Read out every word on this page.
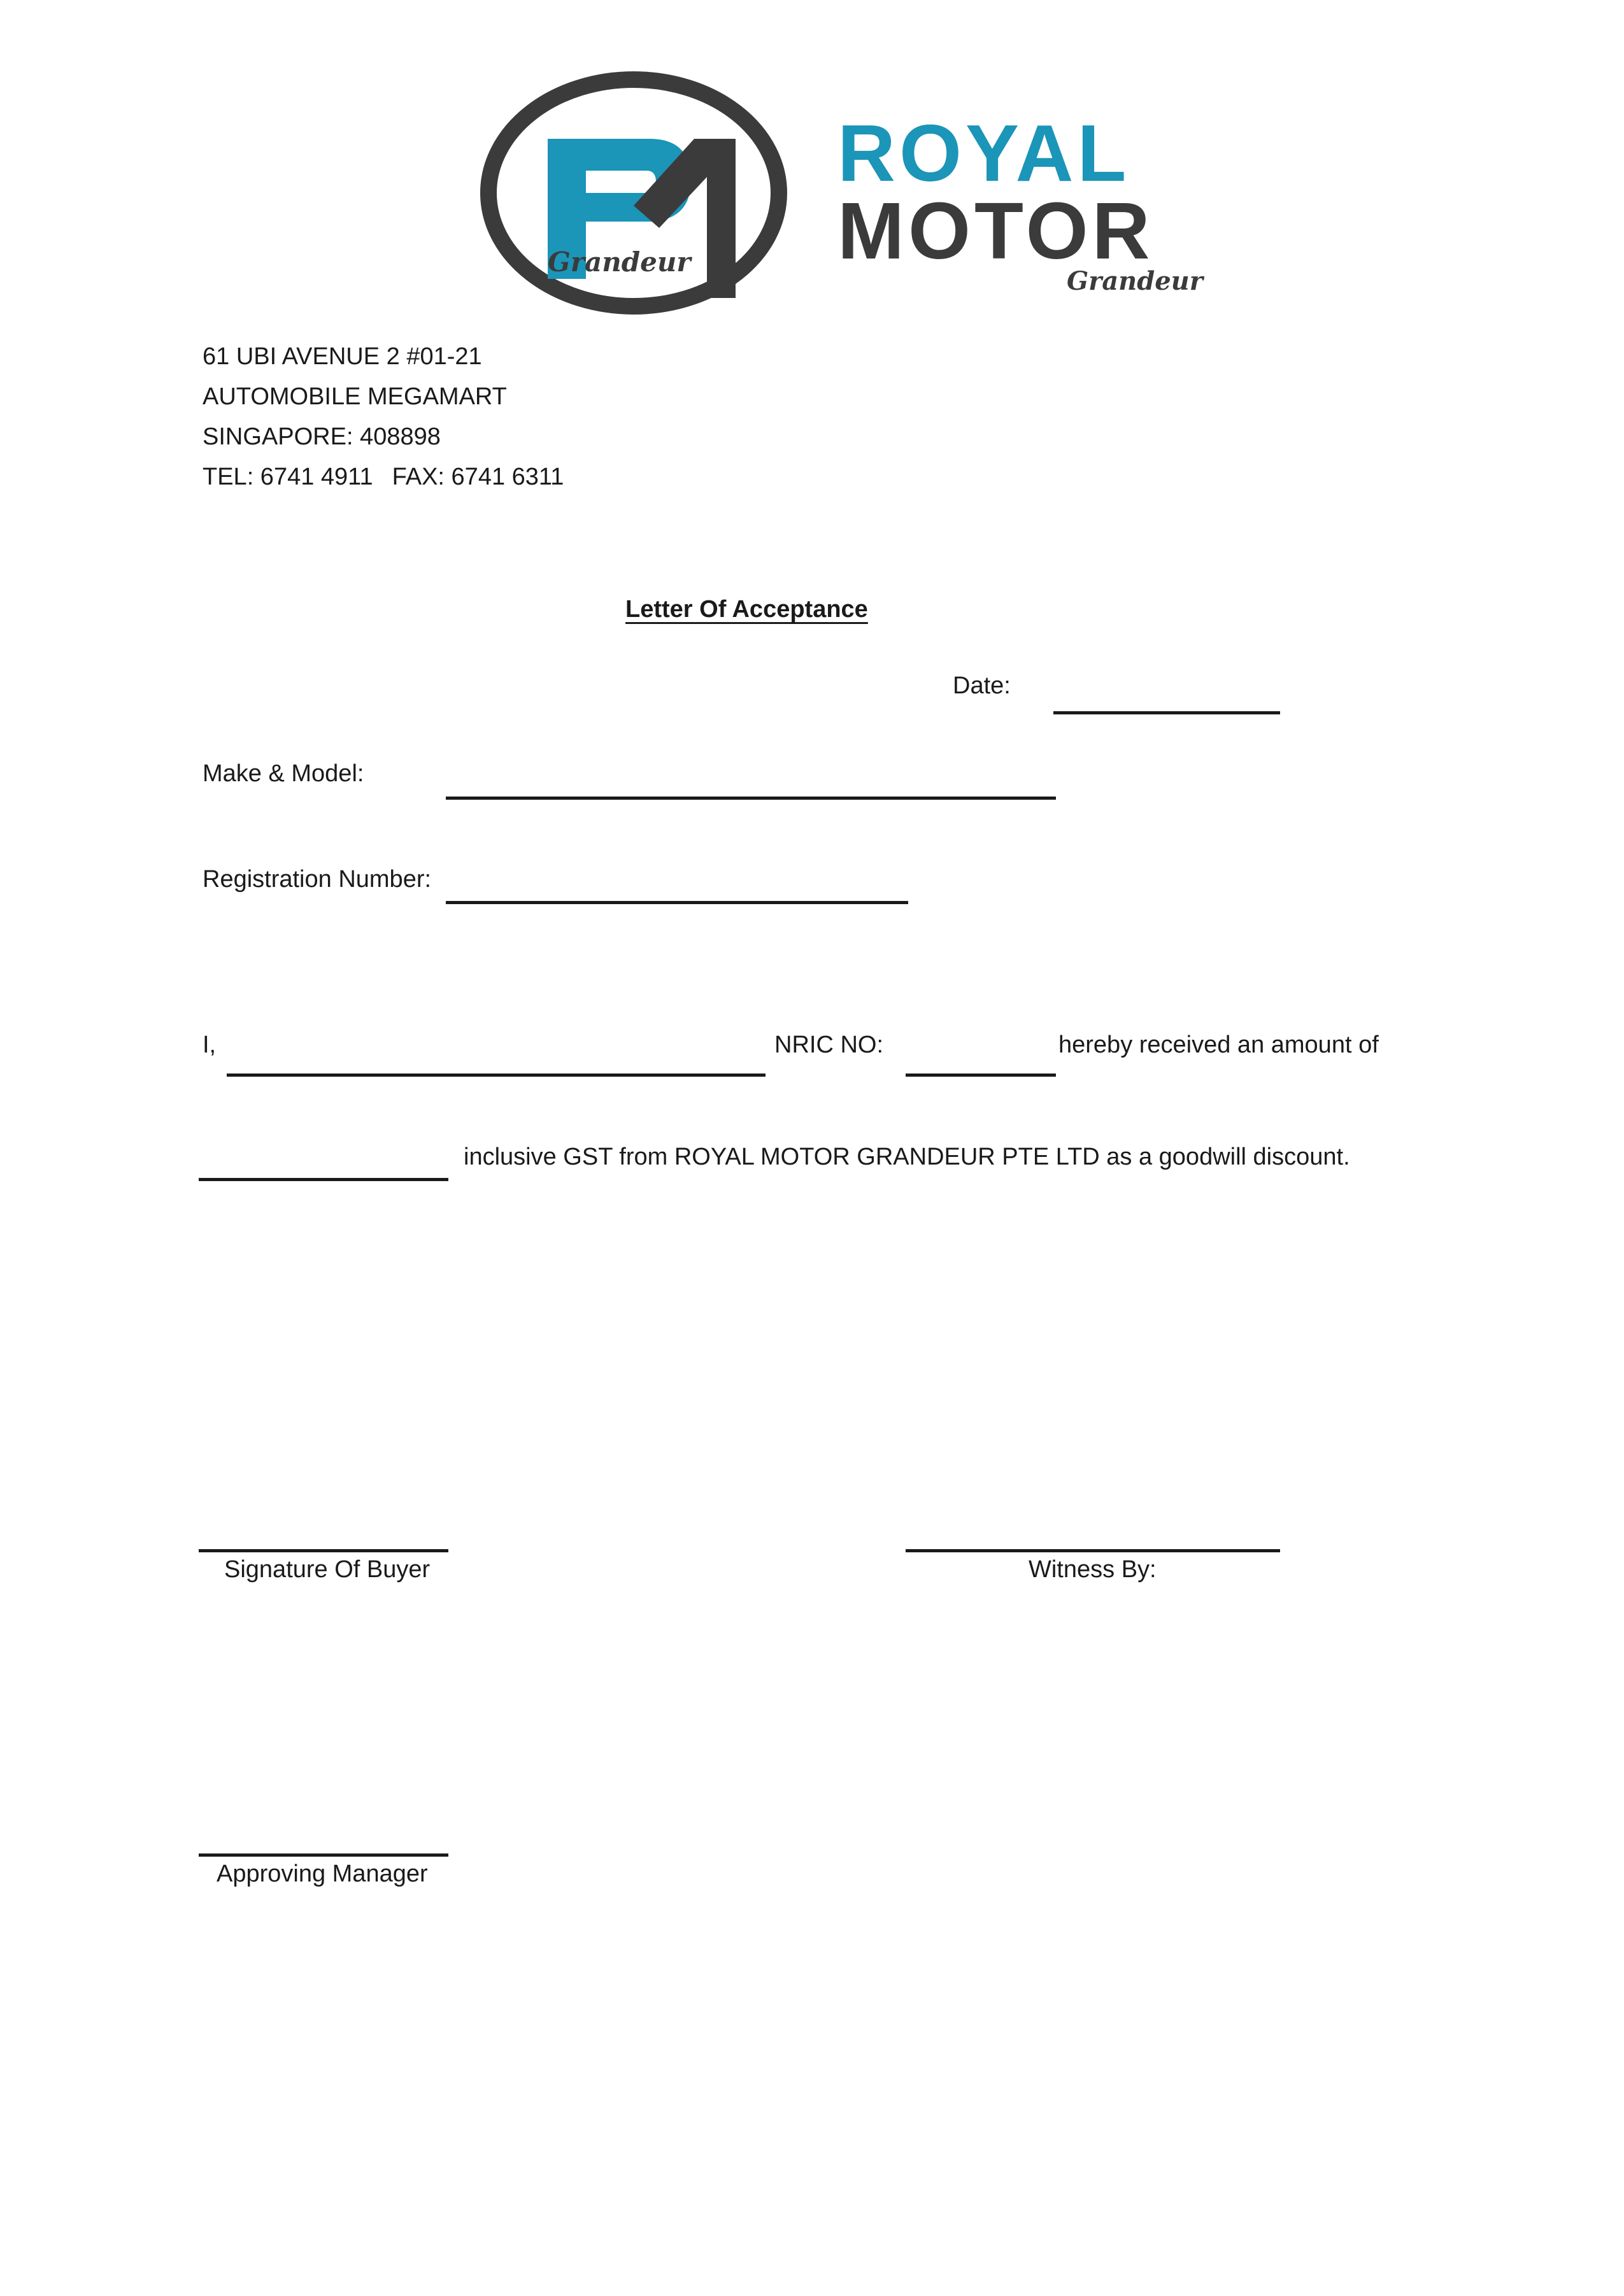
Grandeur
ROYAL
MOTOR
Grandeur
61 UBI AVENUE 2 #01-21
AUTOMOBILE MEGAMART
SINGAPORE: 408898
TEL: 6741 4911 FAX: 6741 6311
Letter Of Acceptance
Date:
Make & Model:
Registration Number:
I,	NRIC NO:	hereby received an amount of
inclusive GST from ROYAL MOTOR GRANDEUR PTE LTD as a goodwill discount.
Signature Of Buyer	Witness By:
Approving Manager
